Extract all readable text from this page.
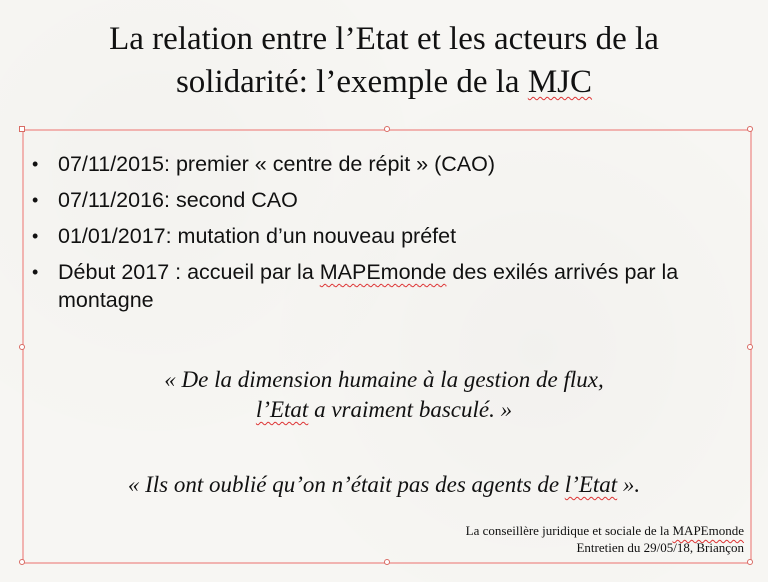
La relation entre l’Etat et les acteurs de la
solidarité: l’exemple de la MJC
• 07/11/2015: premier « centre de répit » (CAO)
• 07/11/2016: second CAO
• 01/01/2017: mutation d’un nouveau préfet
• Début 2017 : accueil par la MAPEmonde des exilés arrivés par la montagne
« De la dimension humaine à la gestion de flux,
l’Etat a vraiment basculé. »
« Ils ont oublié qu’on n’était pas des agents de l’Etat ».
La conseillère juridique et sociale de la MAPEmonde
Entretien du 29/05/18, Briançon
